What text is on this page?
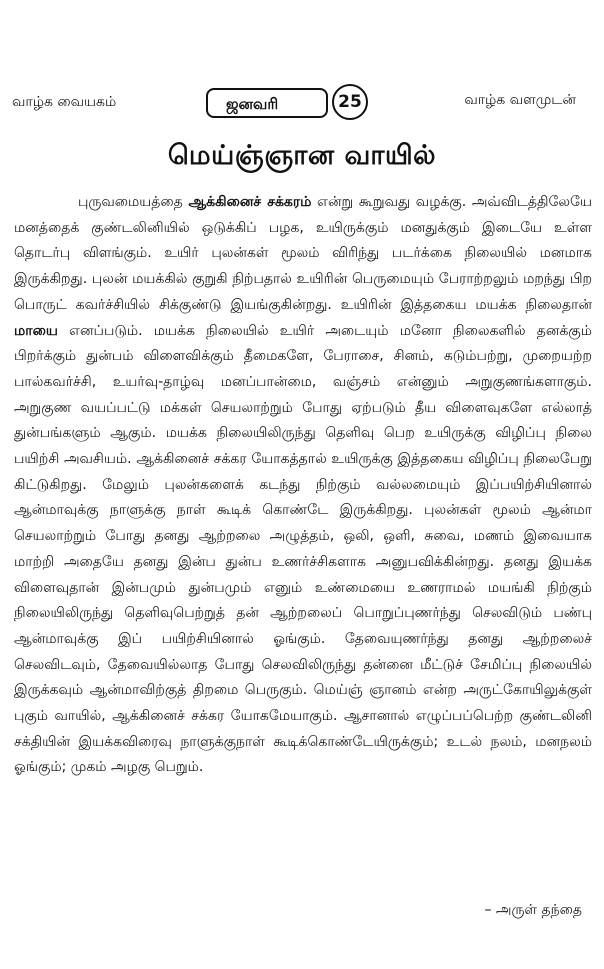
வாழ்க வையகம்	ஜனவரி	25	வாழ்க வளமுடன்
மெய்ஞ்ஞான வாயில்

புருவமையத்தை ஆக்கினைச் சக்கரம் என்று கூறுவது வழக்கு. அவ்விடத்திலேயே மனத்தைக் குண்டலினியில் ஒடுக்கிப் பழக, உயிருக்கும் மனதுக்கும் இடையே உள்ள தொடர்பு விளங்கும். உயிர் புலன்கள் மூலம் விரிந்து படர்க்கை நிலையில் மனமாக இருக்கிறது. புலன் மயக்கில் குறுகி நிற்பதால் உயிரின் பெருமையும் பேராற்றலும் மறந்து பிற பொருட் கவர்ச்சியில் சிக்குண்டு இயங்குகின்றது. உயிரின் இத்தகைய மயக்க நிலைதான் மாயை எனப்படும். மயக்க நிலையில் உயிர் அடையும் மனோ நிலைகளில் தனக்கும் பிறர்க்கும் துன்பம் விளைவிக்கும் தீமைகளே, பேராசை, சினம், கடும்பற்று, முறையற்ற பால்கவர்ச்சி, உயர்வு-தாழ்வு மனப்பான்மை, வஞ்சம் என்னும் அறுகுணங்களாகும். அறுகுண வயப்பட்டு மக்கள் செயலாற்றும் போது ஏற்படும் தீய விளைவுகளே எல்லாத் துன்பங்களும் ஆகும். மயக்க நிலையிலிருந்து தெளிவு பெற உயிருக்கு விழிப்பு நிலை பயிற்சி அவசியம். ஆக்கினைச் சக்கர யோகத்தால் உயிருக்கு இத்தகைய விழிப்பு நிலைபேறு கிட்டுகிறது. மேலும் புலன்களைக் கடந்து நிற்கும் வல்லமையும் இப்பயிற்சியினால் ஆன்மாவுக்கு நாளுக்கு நாள் கூடிக் கொண்டே இருக்கிறது. புலன்கள் மூலம் ஆன்மா செயலாற்றும் போது தனது ஆற்றலை அழுத்தம், ஒலி, ஒளி, சுவை, மணம் இவையாக மாற்றி அதையே தனது இன்ப துன்ப உணர்ச்சிகளாக அனுபவிக்கின்றது. தனது இயக்க விளைவுதான் இன்பமும் துன்பமும் எனும் உண்மையை உணராமல் மயங்கி நிற்கும் நிலையிலிருந்து தெளிவுபெற்றுத் தன் ஆற்றலைப் பொறுப்புணர்ந்து செலவிடும் பண்பு ஆன்மாவுக்கு இப் பயிற்சியினால் ஓங்கும். தேவையுணர்ந்து தனது ஆற்றலைச் செலவிடவும், தேவையில்லாத போது செலவிலிருந்து தன்னை மீட்டுச் சேமிப்பு நிலையில் இருக்கவும் ஆன்மாவிற்குத் திறமை பெருகும். மெய்ஞ் ஞானம் என்ற அருட்கோயிலுக்குள் புகும் வாயில், ஆக்கினைச் சக்கர யோகமேயாகும். ஆசானால் எழுப்பப்பெற்ற குண்டலினி சக்தியின் இயக்கவிரைவு நாளுக்குநாள் கூடிக்கொண்டேயிருக்கும்; உடல் நலம், மனநலம் ஓங்கும்; முகம் அழகு பெறும்.

– அருள் தந்தை
